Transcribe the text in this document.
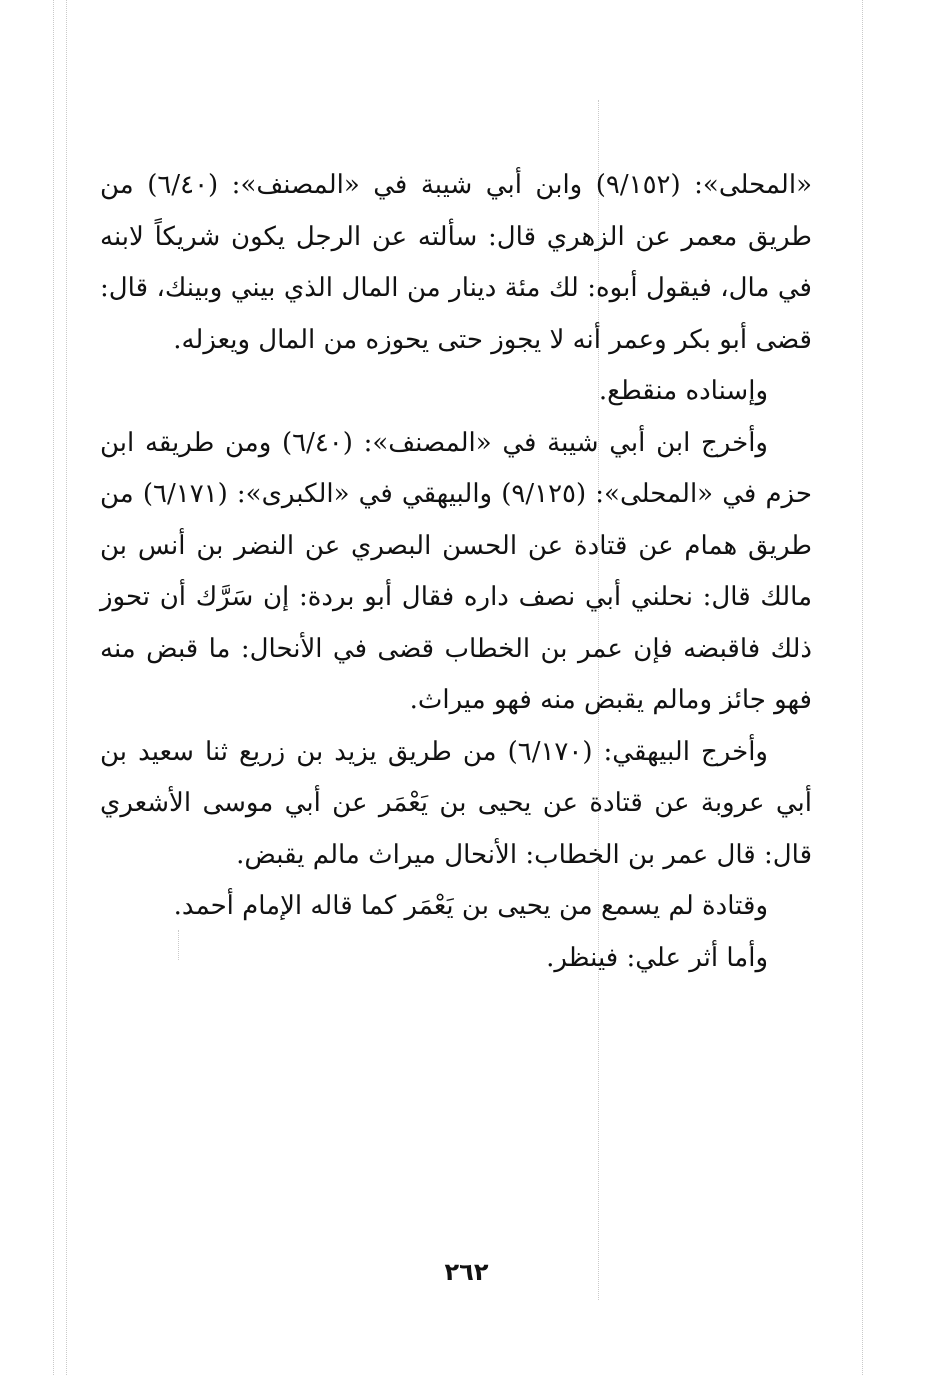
«المحلى»: (٩/١٥٢) وابن أبي شيبة في «المصنف»: (٦/٤٠) من طريق معمر عن الزهري قال: سألته عن الرجل يكون شريكاً لابنه في مال، فيقول أبوه: لك مئة دينار من المال الذي بيني وبينك، قال: قضى أبو بكر وعمر أنه لا يجوز حتى يحوزه من المال ويعزله.

وإسناده منقطع.

وأخرج ابن أبي شيبة في «المصنف»: (٦/٤٠) ومن طريقه ابن حزم في «المحلى»: (٩/١٢٥) والبيهقي في «الكبرى»: (٦/١٧١) من طريق همام عن قتادة عن الحسن البصري عن النضر بن أنس بن مالك قال: نحلني أبي نصف داره فقال أبو بردة: إن سَرَّك أن تحوز ذلك فاقبضه فإن عمر بن الخطاب قضى في الأنحال: ما قبض منه فهو جائز ومالم يقبض منه فهو ميراث.

وأخرج البيهقي: (٦/١٧٠) من طريق يزيد بن زريع ثنا سعيد بن أبي عروبة عن قتادة عن يحيى بن يَعْمَر عن أبي موسى الأشعري قال: قال عمر بن الخطاب: الأنحال ميراث مالم يقبض.

وقتادة لم يسمع من يحيى بن يَعْمَر كما قاله الإمام أحمد.

وأما أثر علي: فينظر.

٢٦٢
